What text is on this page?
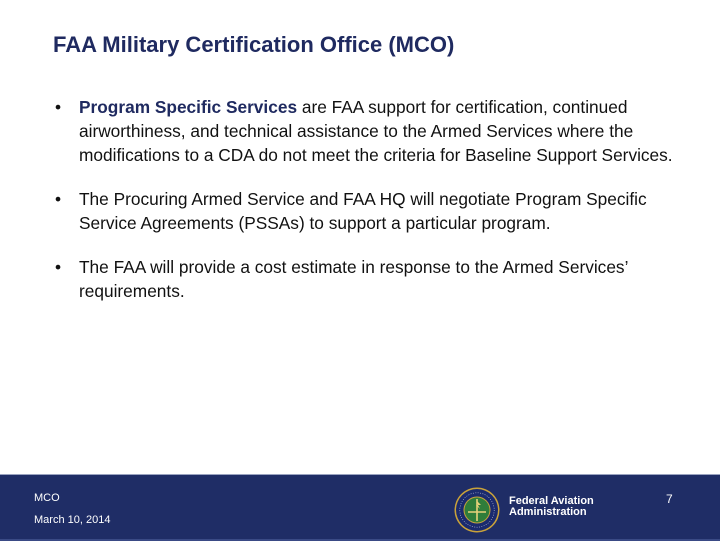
FAA Military Certification Office (MCO)
• Program Specific Services are FAA support for certification, continued airworthiness, and technical assistance to the Armed Services where the modifications to a CDA do not meet the criteria for Baseline Support Services.
• The Procuring Armed Service and FAA HQ will negotiate Program Specific Service Agreements (PSSAs) to support a particular program.
• The FAA will provide a cost estimate in response to the Armed Services’ requirements.
MCO
March 10, 2014
Federal Aviation
Administration
7
